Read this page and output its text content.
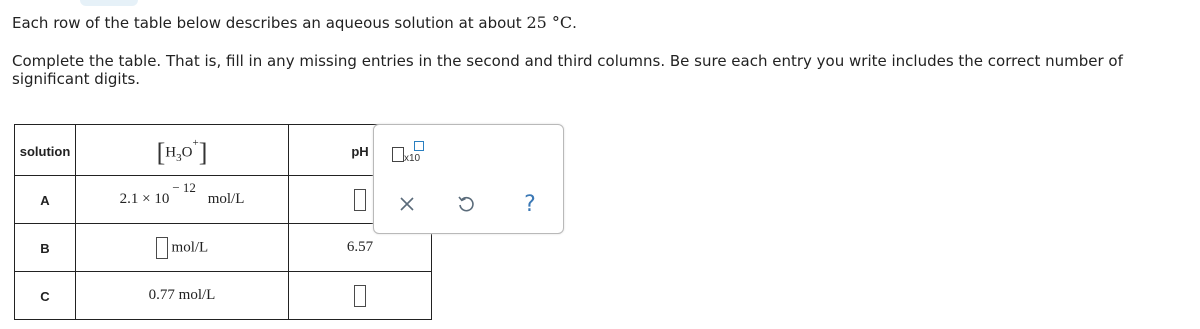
Each row of the table below describes an aqueous solution at about 25 °C.
Complete the table. That is, fill in any missing entries in the second and third columns. Be sure each entry you write includes the correct number of significant digits.
solution	$[H_3O^+]$	pH
A	2.1 × 10− 12 mol/L	
B	mol/L	6.57
C	0.77 mol/L	
x10
?
